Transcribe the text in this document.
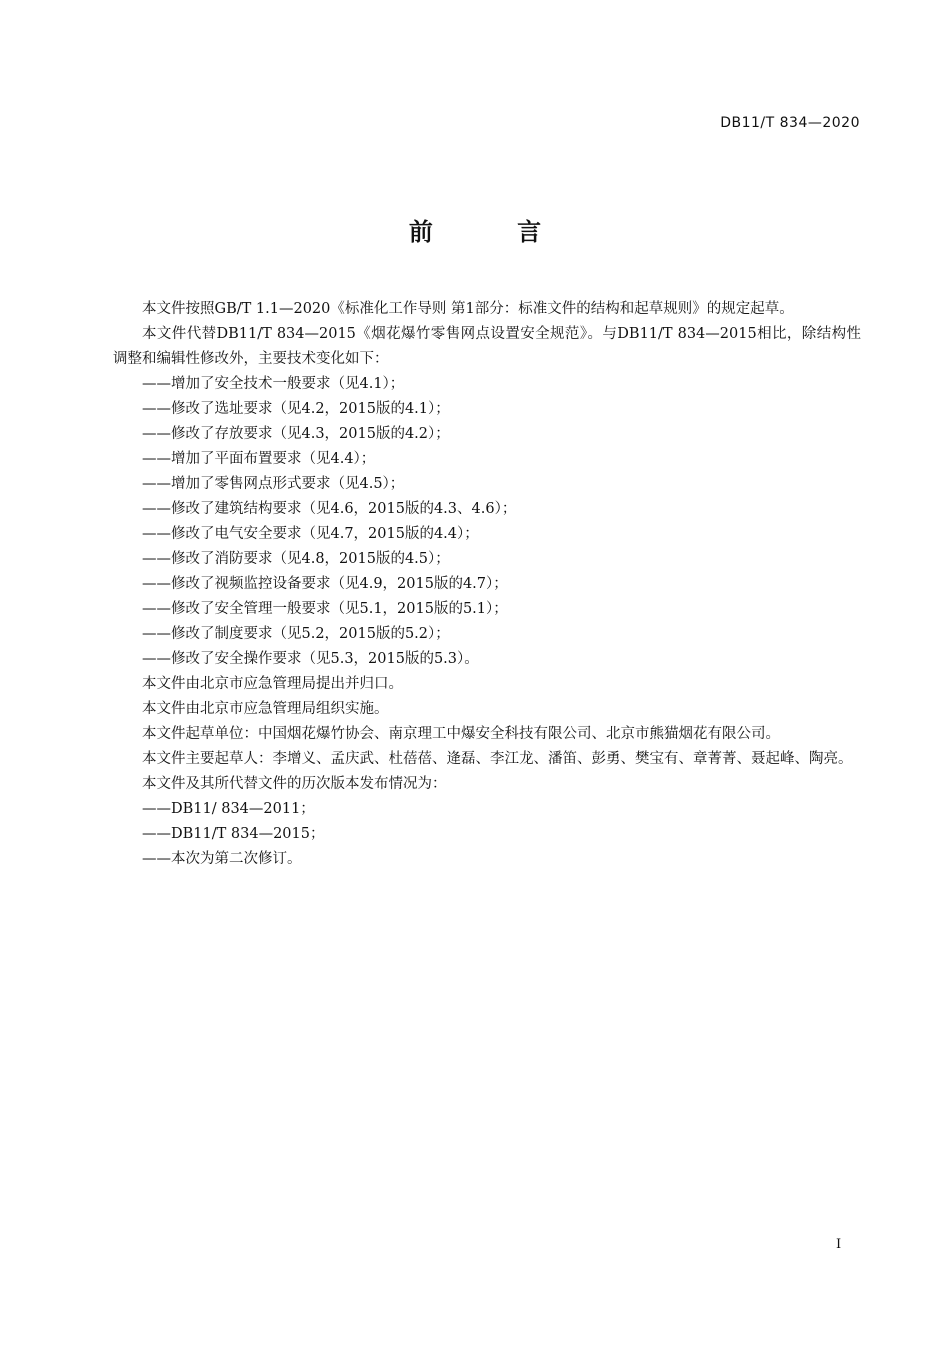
DB11/T 834—2020
前 言

本文件按照GB/T 1.1—2020《标准化工作导则 第1部分：标准文件的结构和起草规则》的规定起草。

本文件代替DB11/T 834—2015《烟花爆竹零售网点设置安全规范》。与DB11/T 834—2015相比，除结构性调整和编辑性修改外，主要技术变化如下：

——增加了安全技术一般要求（见4.1）；

——修改了选址要求（见4.2，2015版的4.1）；

——修改了存放要求（见4.3，2015版的4.2）；

——增加了平面布置要求（见4.4）；

——增加了零售网点形式要求（见4.5）；

——修改了建筑结构要求（见4.6，2015版的4.3、4.6）；

——修改了电气安全要求（见4.7，2015版的4.4）；

——修改了消防要求（见4.8，2015版的4.5）；

——修改了视频监控设备要求（见4.9，2015版的4.7）；

——修改了安全管理一般要求（见5.1，2015版的5.1）；

——修改了制度要求（见5.2，2015版的5.2）；

——修改了安全操作要求（见5.3，2015版的5.3）。

本文件由北京市应急管理局提出并归口。

本文件由北京市应急管理局组织实施。

本文件起草单位：中国烟花爆竹协会、南京理工中爆安全科技有限公司、北京市熊猫烟花有限公司。

本文件主要起草人：李增义、孟庆武、杜蓓蓓、逄磊、李江龙、潘笛、彭勇、樊宝有、章菁菁、聂起峰、陶亮。

本文件及其所代替文件的历次版本发布情况为：

——DB11/ 834—2011；

——DB11/T 834—2015；

——本次为第二次修订。

I
